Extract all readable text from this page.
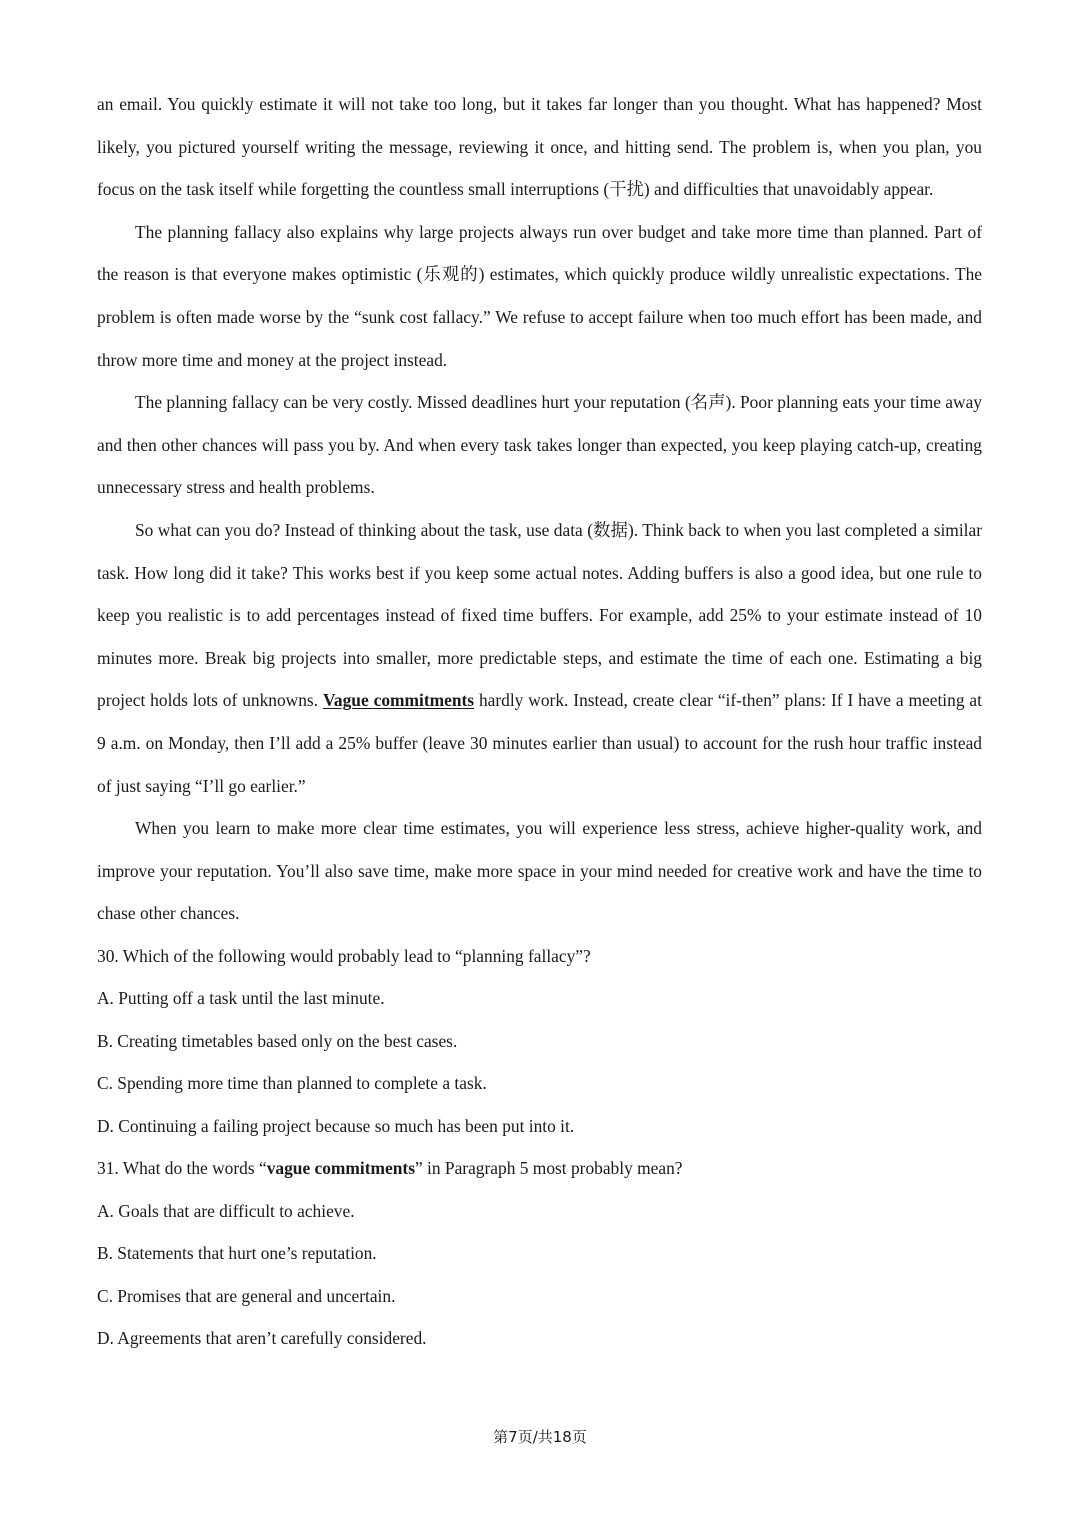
an email. You quickly estimate it will not take too long, but it takes far longer than you thought. What has happened? Most likely, you pictured yourself writing the message, reviewing it once, and hitting send. The problem is, when you plan, you focus on the task itself while forgetting the countless small interruptions (干扰) and difficulties that unavoidably appear.

The planning fallacy also explains why large projects always run over budget and take more time than planned. Part of the reason is that everyone makes optimistic (乐观的) estimates, which quickly produce wildly unrealistic expectations. The problem is often made worse by the “sunk cost fallacy.” We refuse to accept failure when too much effort has been made, and throw more time and money at the project instead.

The planning fallacy can be very costly. Missed deadlines hurt your reputation (名声). Poor planning eats your time away and then other chances will pass you by. And when every task takes longer than expected, you keep playing catch-up, creating unnecessary stress and health problems.

So what can you do? Instead of thinking about the task, use data (数据). Think back to when you last completed a similar task. How long did it take? This works best if you keep some actual notes. Adding buffers is also a good idea, but one rule to keep you realistic is to add percentages instead of fixed time buffers. For example, add 25% to your estimate instead of 10 minutes more. Break big projects into smaller, more predictable steps, and estimate the time of each one. Estimating a big project holds lots of unknowns. Vague commitments hardly work. Instead, create clear “if-then” plans: If I have a meeting at 9 a.m. on Monday, then I’ll add a 25% buffer (leave 30 minutes earlier than usual) to account for the rush hour traffic instead of just saying “I’ll go earlier.”

When you learn to make more clear time estimates, you will experience less stress, achieve higher-quality work, and improve your reputation. You’ll also save time, make more space in your mind needed for creative work and have the time to chase other chances.

30. Which of the following would probably lead to “planning fallacy”?

A. Putting off a task until the last minute.

B. Creating timetables based only on the best cases.

C. Spending more time than planned to complete a task.

D. Continuing a failing project because so much has been put into it.

31. What do the words “vague commitments” in Paragraph 5 most probably mean?

A. Goals that are difficult to achieve.

B. Statements that hurt one’s reputation.

C. Promises that are general and uncertain.

D. Agreements that aren’t carefully considered.

第7页/共18页
